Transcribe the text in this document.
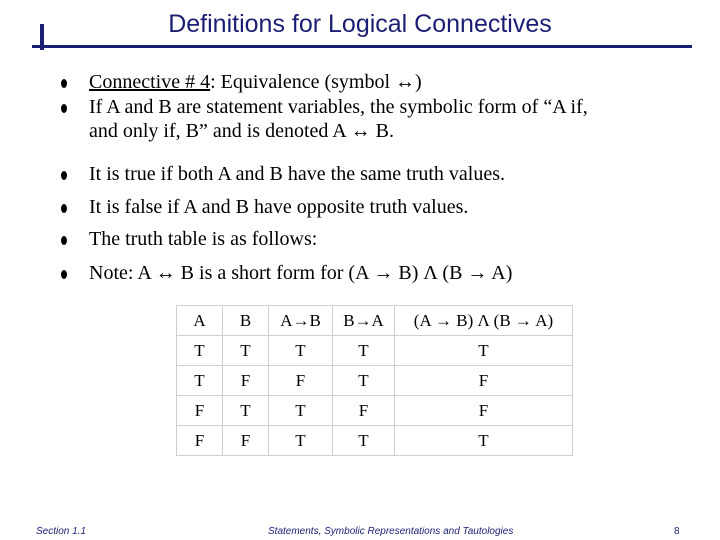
Definitions for Logical Connectives
Connective # 4: Equivalence (symbol ↔)
If A and B are statement variables, the symbolic form of “A if,
and only if, B” and is denoted A ↔ B.
It is true if both A and B have the same truth values.
It is false if A and B have opposite truth values.
The truth table is as follows:
Note: A ↔ B is a short form for (A → B) Λ (B → A)
A	B	A→B	B→A	(A → B) Λ (B → A)
T	T	T	T	T
T	F	F	T	F
F	T	T	F	F
F	F	T	T	T
Section 1.1	Statements, Symbolic Representations and Tautologies	8
